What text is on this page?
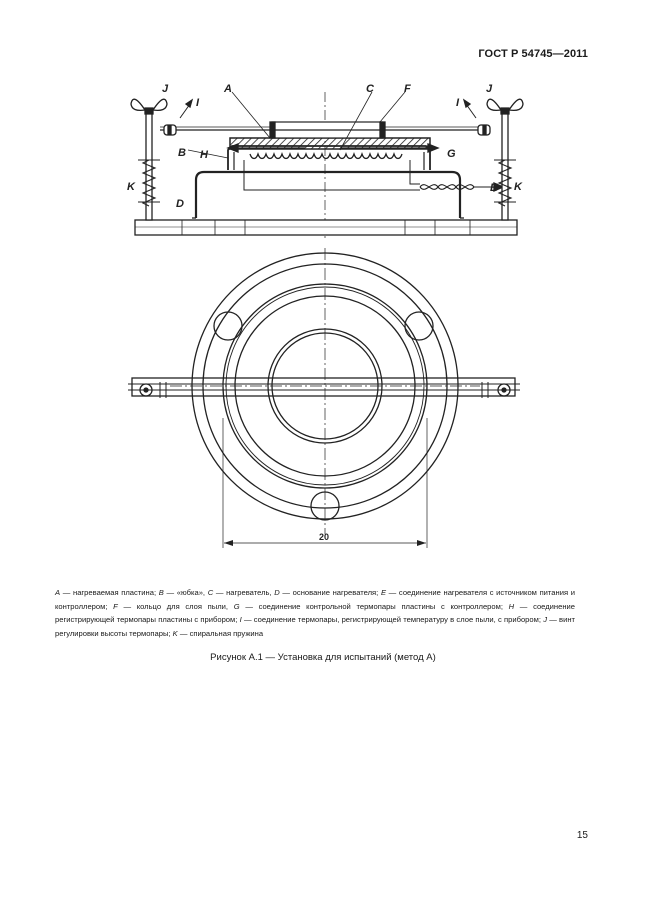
ГОСТ Р 54745—2011
A	C	F
J	J
I	I
B H	G
K	K
E
D
20
A — нагреваемая пластина; B — «юбка», C — нагреватель, D — основание нагревателя; E — соединение нагревателя с источником питания и контроллером; F — кольцо для слоя пыли, G — соединение контрольной термопары пластины с контроллером; H — соединение регистрирующей термопары пластины с прибором; I — соединение термопары, регистрирующей температуру в слое пыли, с прибором; J — винт регулировки высоты термопары; K — спиральная пружина
Рисунок А.1 — Установка для испытаний (метод А)
15
